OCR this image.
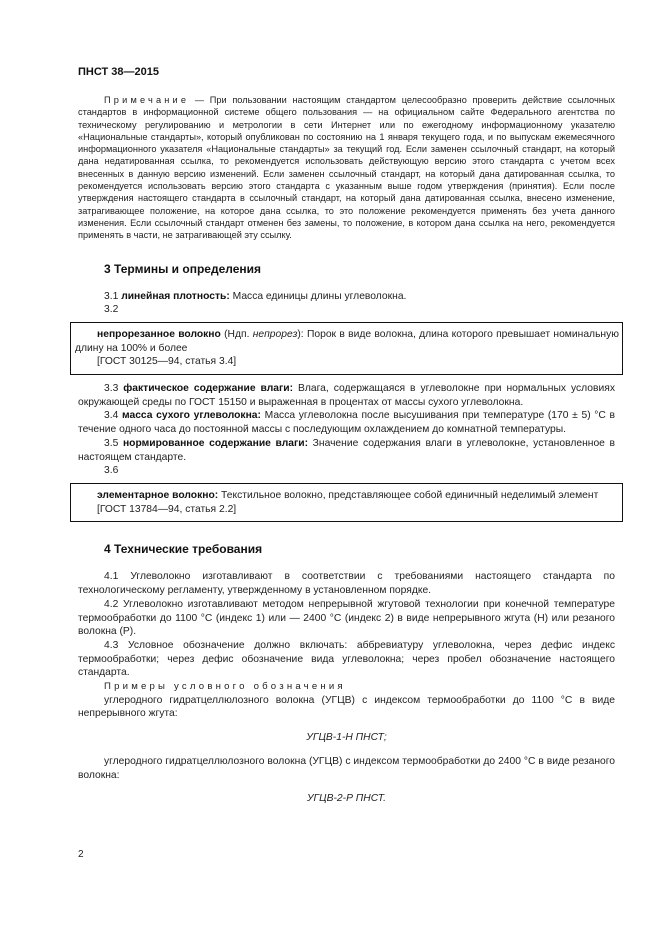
ПНСТ 38—2015

Примечание — При пользовании настоящим стандартом целесообразно проверить действие ссылочных стандартов в информационной системе общего пользования — на официальном сайте Федерального агентства по техническому регулированию и метрологии в сети Интернет или по ежегодному информационному указателю «Национальные стандарты», который опубликован по состоянию на 1 января текущего года, и по выпускам ежемесячного информационного указателя «Национальные стандарты» за текущий год. Если заменен ссылочный стандарт, на который дана недатированная ссылка, то рекомендуется использовать действующую версию этого стандарта с учетом всех внесенных в данную версию изменений. Если заменен ссылочный стандарт, на который дана датированная ссылка, то рекомендуется использовать версию этого стандарта с указанным выше годом утверждения (принятия). Если после утверждения настоящего стандарта в ссылочный стандарт, на который дана датированная ссылка, внесено изменение, затрагивающее положение, на которое дана ссылка, то это положение рекомендуется применять без учета данного изменения. Если ссылочный стандарт отменен без замены, то положение, в котором дана ссылка на него, рекомендуется применять в части, не затрагивающей эту ссылку.

3 Термины и определения

3.1 линейная плотность: Масса единицы длины углеволокна.

3.2

непрорезанное волокно (Ндп. непрорез): Порок в виде волокна, длина которого превышает номинальную длину на 100% и более

[ГОСТ 30125—94, статья 3.4]

3.3 фактическое содержание влаги: Влага, содержащаяся в углеволокне при нормальных условиях окружающей среды по ГОСТ 15150 и выраженная в процентах от массы сухого углеволокна.

3.4 масса сухого углеволокна: Масса углеволокна после высушивания при температуре (170 ± 5) °С в течение одного часа до постоянной массы с последующим охлаждением до комнатной температуры.

3.5 нормированное содержание влаги: Значение содержания влаги в углеволокне, установленное в настоящем стандарте.

3.6

элементарное волокно: Текстильное волокно, представляющее собой единичный неделимый элемент

[ГОСТ 13784—94, статья 2.2]

4 Технические требования

4.1 Углеволокно изготавливают в соответствии с требованиями настоящего стандарта по технологическому регламенту, утвержденному в установленном порядке.

4.2 Углеволокно изготавливают методом непрерывной жгутовой технологии при конечной температуре термообработки до 1100 °С (индекс 1) или — 2400 °С (индекс 2) в виде непрерывного жгута (Н) или резаного волокна (Р).

4.3 Условное обозначение должно включать: аббревиатуру углеволокна, через дефис индекс термообработки; через дефис обозначение вида углеволокна; через пробел обозначение настоящего стандарта.

Примеры условного обозначения

углеродного гидратцеллюлозного волокна (УГЦВ) с индексом термообработки до 1100 °С в виде непрерывного жгута:

УГЦВ-1-Н ПНСТ;

углеродного гидратцеллюлозного волокна (УГЦВ) с индексом термообработки до 2400 °С в виде резаного волокна:

УГЦВ-2-Р ПНСТ.

2
